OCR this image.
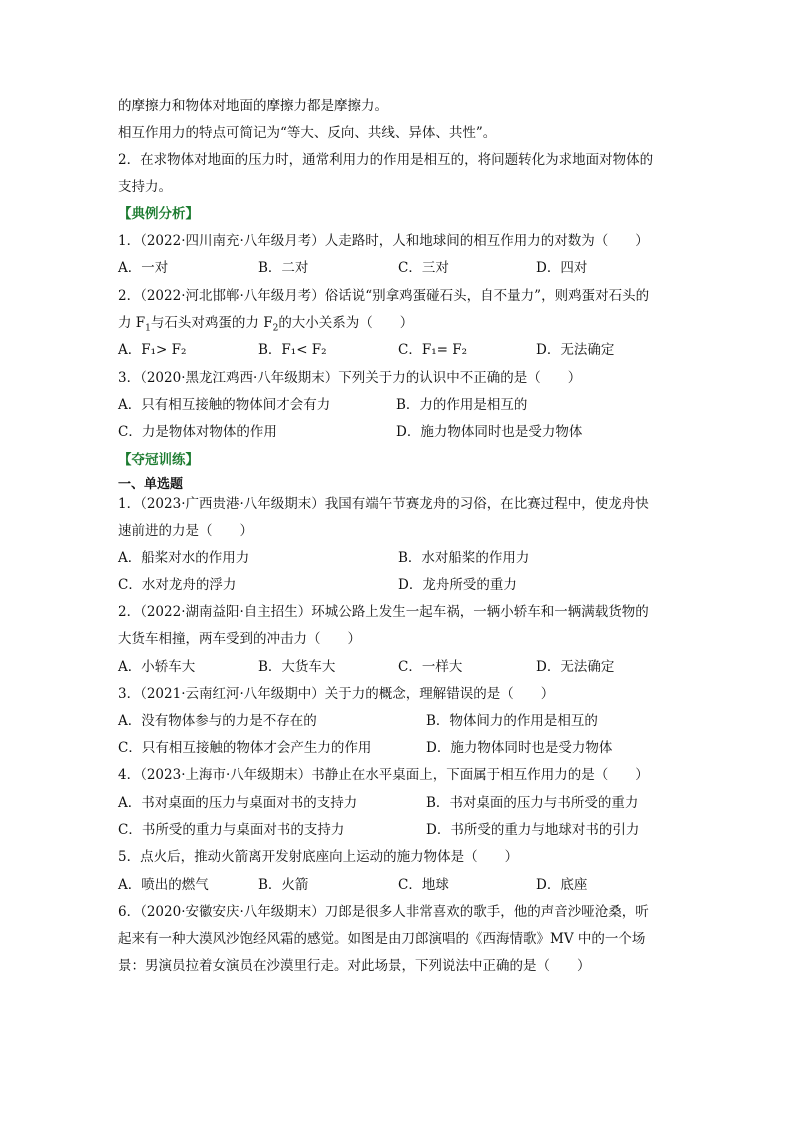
的摩擦力和物体对地面的摩擦力都是摩擦力。
相互作用力的特点可简记为“等大、反向、共线、异体、共性”。
2．在求物体对地面的压力时，通常利用力的作用是相互的，将问题转化为求地面对物体的
支持力。
【典例分析】
1．（2022·四川南充·八年级月考）人走路时，人和地球间的相互作用力的对数为（　　）
A．一对	B．二对	C．三对	D．四对
2．（2022·河北邯郸·八年级月考）俗话说“别拿鸡蛋碰石头，自不量力”，则鸡蛋对石头的
力 $F_1$与石头对鸡蛋的力 $F_2$的大小关系为（　　）
A．F₁> F₂	B．F₁< F₂	C．F₁= F₂	D．无法确定
3．（2020·黑龙江鸡西·八年级期末）下列关于力的认识中不正确的是（　　）
A．只有相互接触的物体间才会有力	B．力的作用是相互的
C．力是物体对物体的作用	D．施力物体同时也是受力物体
【夺冠训练】
一、单选题
1．（2023·广西贵港·八年级期末）我国有端午节赛龙舟的习俗，在比赛过程中，使龙舟快
速前进的力是（　　）
A．船桨对水的作用力	B．水对船桨的作用力
C．水对龙舟的浮力	D．龙舟所受的重力
2．（2022·湖南益阳·自主招生）环城公路上发生一起车祸，一辆小轿车和一辆满载货物的
大货车相撞，两车受到的冲击力（　　）
A．小轿车大	B．大货车大	C．一样大	D．无法确定
3．（2021·云南红河·八年级期中）关于力的概念，理解错误的是（　　）
A．没有物体参与的力是不存在的	B．物体间力的作用是相互的
C．只有相互接触的物体才会产生力的作用	D．施力物体同时也是受力物体
4．（2023·上海市·八年级期末）书静止在水平桌面上，下面属于相互作用力的是（　　）
A．书对桌面的压力与桌面对书的支持力	B．书对桌面的压力与书所受的重力
C．书所受的重力与桌面对书的支持力	D．书所受的重力与地球对书的引力
5．点火后，推动火箭离开发射底座向上运动的施力物体是（　　）
A．喷出的燃气	B．火箭	C．地球	D．底座
6．（2020·安徽安庆·八年级期末）刀郎是很多人非常喜欢的歌手，他的声音沙哑沧桑，听
起来有一种大漠风沙饱经风霜的感觉。如图是由刀郎演唱的《西海情歌》MV 中的一个场
景：男演员拉着女演员在沙漠里行走。对此场景，下列说法中正确的是（　　）
